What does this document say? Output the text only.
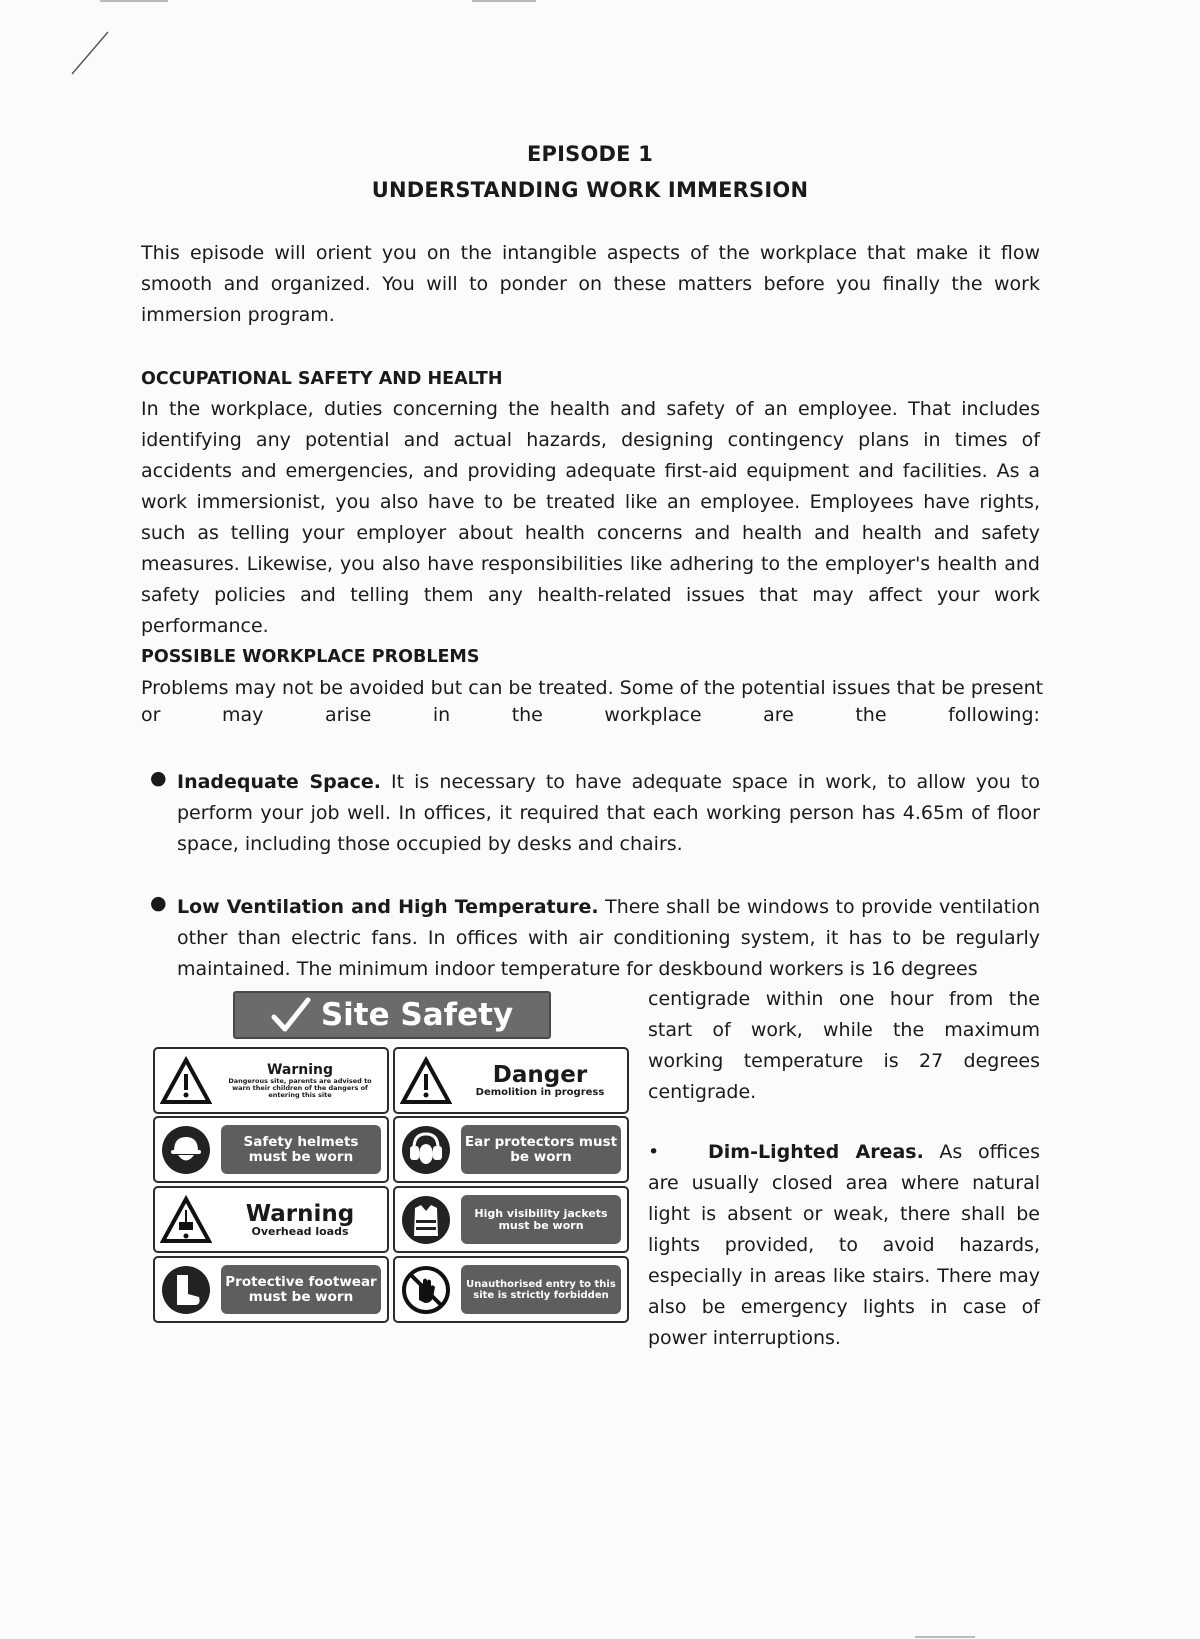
EPISODE 1
UNDERSTANDING WORK IMMERSION

This episode will orient you on the intangible aspects of the workplace that make it flow smooth and organized. You will to ponder on these matters before you finally the work immersion program.

OCCUPATIONAL SAFETY AND HEALTH

In the workplace, duties concerning the health and safety of an employee. That includes identifying any potential and actual hazards, designing contingency plans in times of accidents and emergencies, and providing adequate first-aid equipment and facilities. As a work immersionist, you also have to be treated like an employee. Employees have rights, such as telling your employer about health concerns and health and health and safety measures. Likewise, you also have responsibilities like adhering to the employer's health and safety policies and telling them any health-related issues that may affect your work performance.

POSSIBLE WORKPLACE PROBLEMS
Problems may not be avoided but can be treated. Some of the potential issues that be present
or	may	arise	in	the	workplace	are	the	following:
● Inadequate Space. It is necessary to have adequate space in work, to allow you to perform your job well. In offices, it required that each working person has 4.65m of floor space, including those occupied by desks and chairs.

● Low Ventilation and High Temperature. There shall be windows to provide ventilation other than electric fans. In offices with air conditioning system, it has to be regularly maintained. The minimum indoor temperature for deskbound workers is 16 degrees

centigrade within one hour from the start of work, while the maximum working temperature is 27 degrees centigrade.

•	Dim-Lighted Areas. As offices are usually closed area where natural light is absent or weak, there shall be lights provided, to avoid hazards, especially in areas like stairs. There may also be emergency lights in case of power interruptions.

Site Safety
Warning
Dangerous site, parents are advised to warn their children of the dangers of entering this site
Danger
Demolition in progress
Safety helmets must be worn
Ear protectors must be worn
Warning
Overhead loads
High visibility jackets must be worn
Protective footwear must be worn
Unauthorised entry to this site is strictly forbidden
